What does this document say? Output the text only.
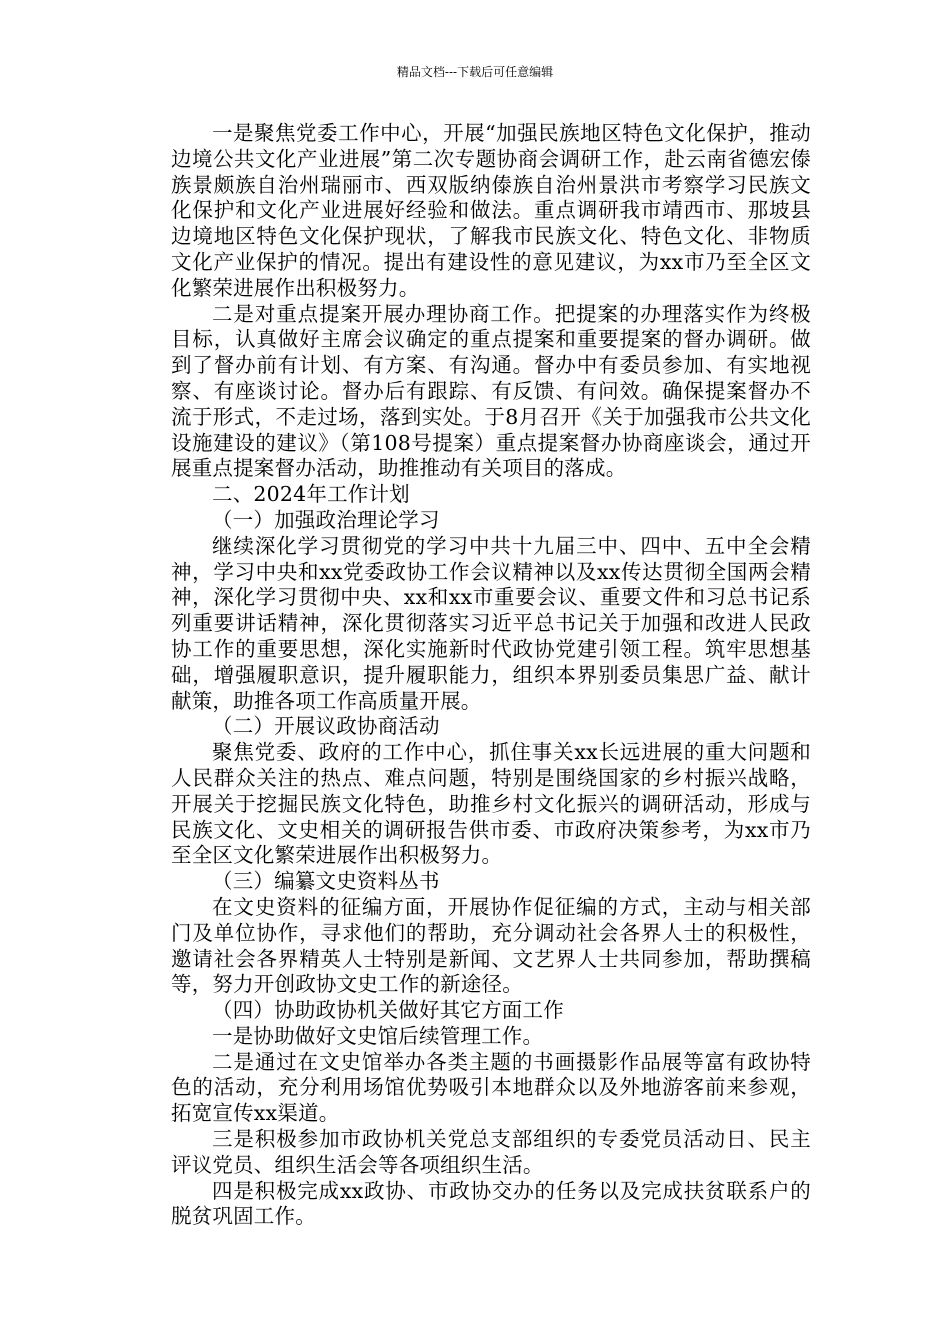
精品文档---下载后可任意编辑

一是聚焦党委工作中心，开展“加强民族地区特色文化保护，推动边境公共文化产业进展”第二次专题协商会调研工作，赴云南省德宏傣族景颇族自治州瑞丽市、西双版纳傣族自治州景洪市考察学习民族文化保护和文化产业进展好经验和做法。重点调研我市靖西市、那坡县边境地区特色文化保护现状，了解我市民族文化、特色文化、非物质文化产业保护的情况。提出有建设性的意见建议，为xx市乃至全区文化繁荣进展作出积极努力。

二是对重点提案开展办理协商工作。把提案的办理落实作为终极目标，认真做好主席会议确定的重点提案和重要提案的督办调研。做到了督办前有计划、有方案、有沟通。督办中有委员参加、有实地视察、有座谈讨论。督办后有跟踪、有反馈、有问效。确保提案督办不流于形式，不走过场，落到实处。于8月召开《关于加强我市公共文化设施建设的建议》（第108号提案）重点提案督办协商座谈会，通过开展重点提案督办活动，助推推动有关项目的落成。

二、2024年工作计划

（一）加强政治理论学习

继续深化学习贯彻党的学习中共十九届三中、四中、五中全会精神，学习中央和xx党委政协工作会议精神以及xx传达贯彻全国两会精神，深化学习贯彻中央、xx和xx市重要会议、重要文件和习总书记系列重要讲话精神，深化贯彻落实习近平总书记关于加强和改进人民政协工作的重要思想，深化实施新时代政协党建引领工程。筑牢思想基础，增强履职意识，提升履职能力，组织本界别委员集思广益、献计献策，助推各项工作高质量开展。

（二）开展议政协商活动

聚焦党委、政府的工作中心，抓住事关xx长远进展的重大问题和人民群众关注的热点、难点问题，特别是围绕国家的乡村振兴战略，开展关于挖掘民族文化特色，助推乡村文化振兴的调研活动，形成与民族文化、文史相关的调研报告供市委、市政府决策参考，为xx市乃至全区文化繁荣进展作出积极努力。

（三）编纂文史资料丛书

在文史资料的征编方面，开展协作促征编的方式，主动与相关部门及单位协作，寻求他们的帮助，充分调动社会各界人士的积极性，邀请社会各界精英人士特别是新闻、文艺界人士共同参加，帮助撰稿等，努力开创政协文史工作的新途径。

（四）协助政协机关做好其它方面工作

一是协助做好文史馆后续管理工作。

二是通过在文史馆举办各类主题的书画摄影作品展等富有政协特色的活动，充分利用场馆优势吸引本地群众以及外地游客前来参观，拓宽宣传xx渠道。

三是积极参加市政协机关党总支部组织的专委党员活动日、民主评议党员、组织生活会等各项组织生活。

四是积极完成xx政协、市政协交办的任务以及完成扶贫联系户的脱贫巩固工作。
